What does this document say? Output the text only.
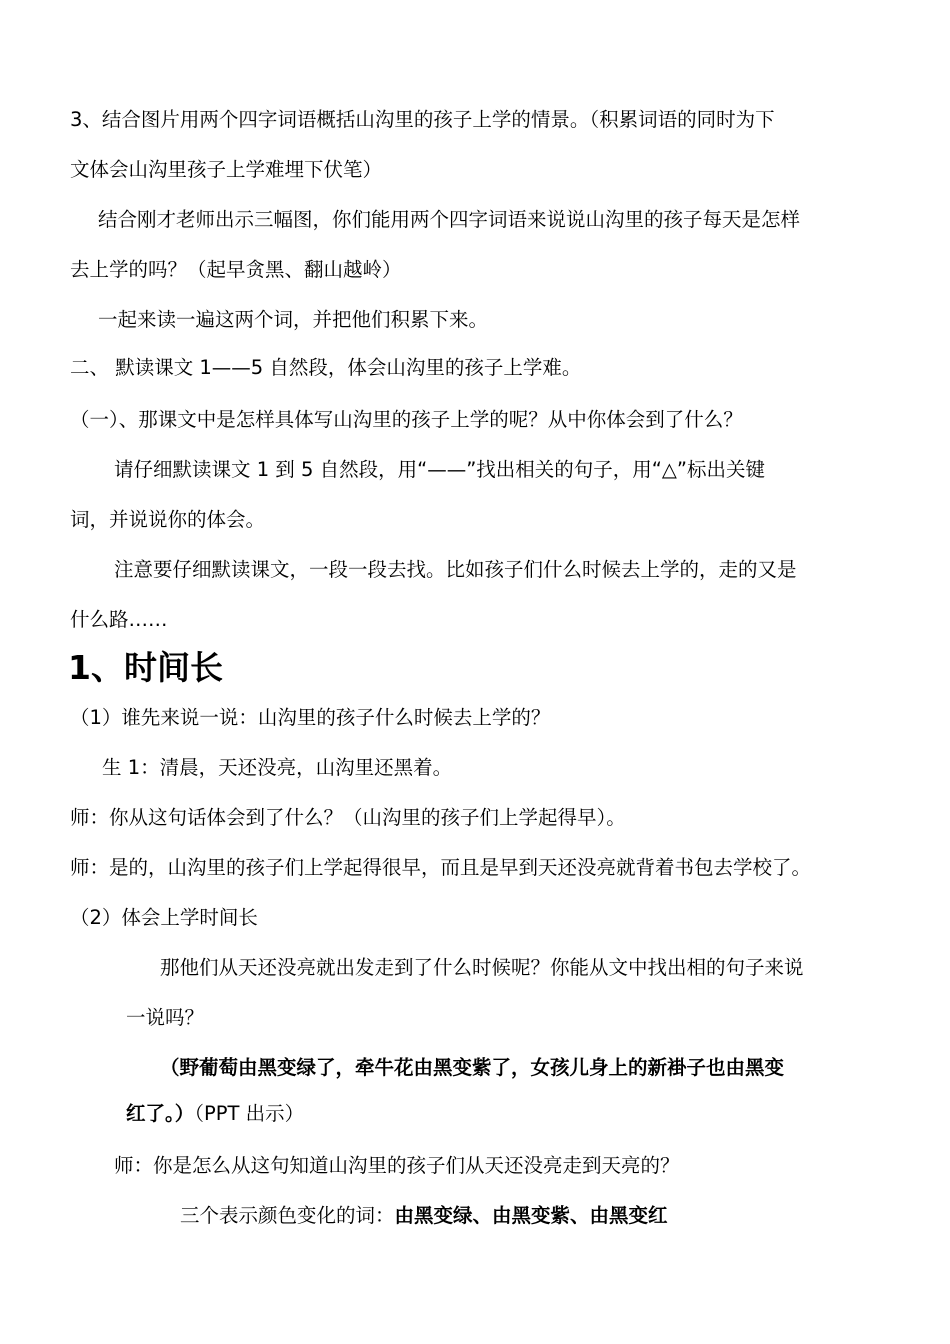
3、结合图片用两个四字词语概括山沟里的孩子上学的情景。（积累词语的同时为下
文体会山沟里孩子上学难埋下伏笔）
结合刚才老师出示三幅图，你们能用两个四字词语来说说山沟里的孩子每天是怎样
去上学的吗？（起早贪黑、翻山越岭）
一起来读一遍这两个词，并把他们积累下来。
二、 默读课文 1——5 自然段，体会山沟里的孩子上学难。
（一）、那课文中是怎样具体写山沟里的孩子上学的呢？从中你体会到了什么？
请仔细默读课文 1 到 5 自然段，用“——”找出相关的句子，用“△”标出关键
词，并说说你的体会。
注意要仔细默读课文，一段一段去找。比如孩子们什么时候去上学的，走的又是
什么路……
1、时间长
（1）谁先来说一说：山沟里的孩子什么时候去上学的？
生 1：清晨，天还没亮，山沟里还黑着。
师：你从这句话体会到了什么？（山沟里的孩子们上学起得早）。
师：是的，山沟里的孩子们上学起得很早，而且是早到天还没亮就背着书包去学校了。
（2）体会上学时间长
那他们从天还没亮就出发走到了什么时候呢？你能从文中找出相的句子来说
一说吗？
（野葡萄由黑变绿了，牵牛花由黑变紫了，女孩儿身上的新褂子也由黑变
红了。）（PPT 出示）
师：你是怎么从这句知道山沟里的孩子们从天还没亮走到天亮的？
三个表示颜色变化的词：由黑变绿、由黑变紫、由黑变红
